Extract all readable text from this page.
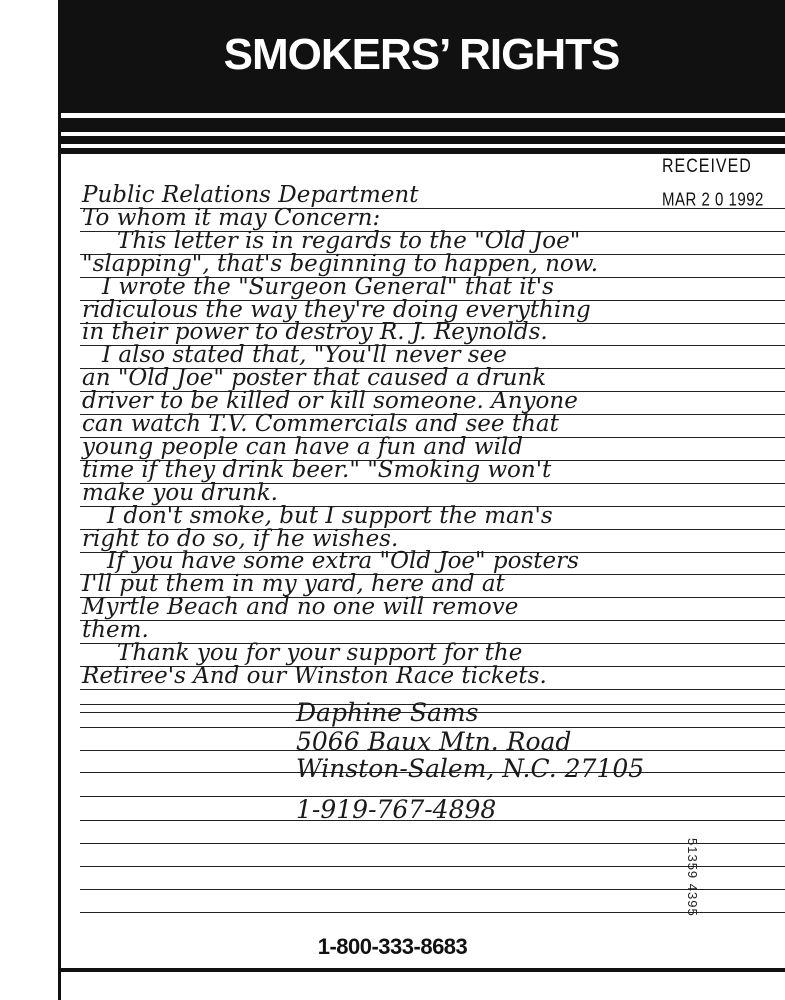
SMOKERS’ RIGHTS
RECEIVED
MAR 2 0 1992
Public Relations Department
To whom it may Concern:
This letter is in regards to the "Old Joe"
"slapping", that's beginning to happen, now.
I wrote the "Surgeon General" that it's
ridiculous the way they're doing everything
in their power to destroy R. J. Reynolds.
I also stated that, "You'll never see
an "Old Joe" poster that caused a drunk
driver to be killed or kill someone. Anyone
can watch T.V. Commercials and see that
young people can have a fun and wild
time if they drink beer." "Smoking won't
make you drunk.
I don't smoke, but I support the man's
right to do so, if he wishes.
If you have some extra "Old Joe" posters
I'll put them in my yard, here and at
Myrtle Beach and no one will remove
them.
Thank you for your support for the
Retiree's And our Winston Race tickets.
Daphine Sams
5066 Baux Mtn. Road
Winston-Salem, N.C. 27105
1-919-767-4898
51359 4395
1-800-333-8683
